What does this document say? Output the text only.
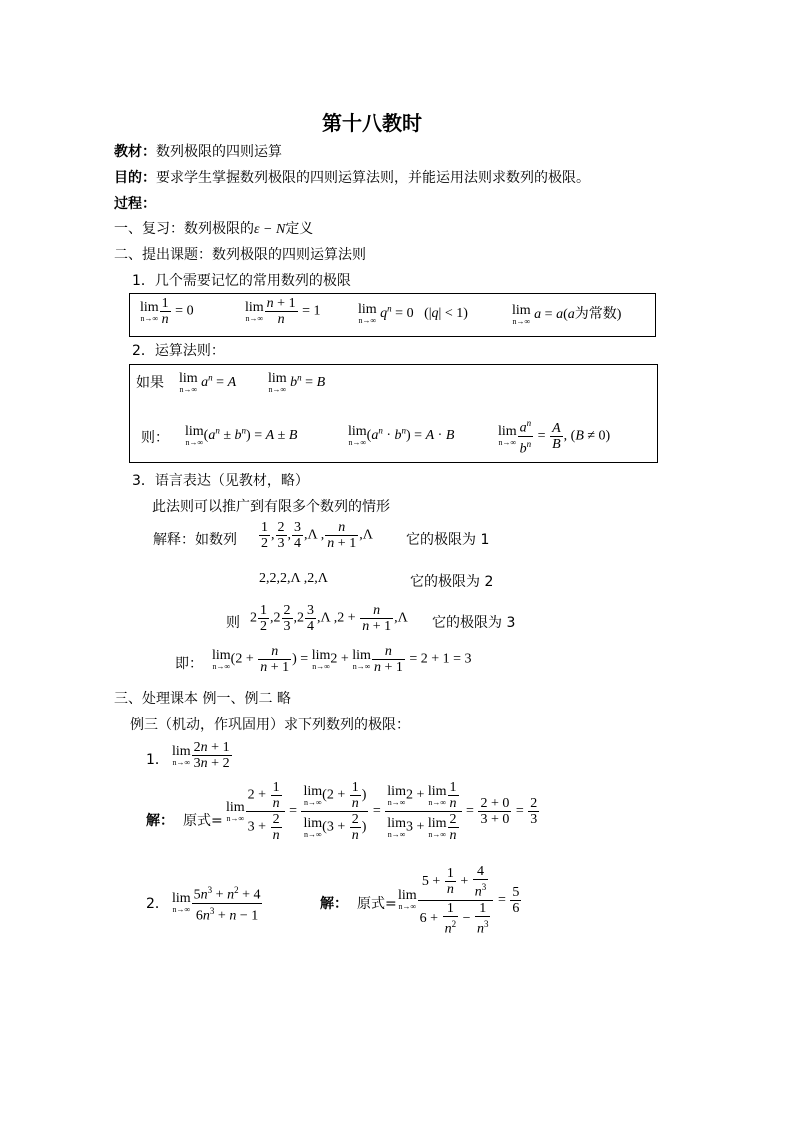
第十八教时
教材：数列极限的四则运算
目的：要求学生掌握数列极限的四则运算法则，并能运用法则求数列的极限。
过程：
一、复习：数列极限的ε − N定义
二、提出课题：数列极限的四则运算法则
1．几个需要记忆的常用数列的极限
lim
$n\to\infty \frac{1}{n} = 0$	lim
$n\to\infty \frac{n + 1}{n} = 1$	lim
n→∞ $q^n = 0$   (|q| < 1)	lim
n→∞ a = a(a为常数)
2．运算法则：
如果 lim
n→∞ $a^n = A$ lim
n→∞ $b^n = B$
则： lim
n→∞ $(a^n \pm b^n) = A \pm B$	lim
n→∞ $(a^n \cdot b^n) = A \cdot B$	lim
$n\to\infty \frac{a^n}{b^n} = \frac{A}{B}$ , (B ≠ 0)
3．语言表达（见教材，略）
此法则可以推广到有限多个数列的情形
解释：如数列 $\frac{1}{2}$ , $\frac{2}{3}$ , $\frac{3}{4} ,\Lambda$ , $\frac{n}{n + 1} ,\Lambda$ 它的极限为 1
2,2,2,Λ ,2,Λ	它的极限为 2
则 $2 \frac{1}{2} ,2 \frac{2}{3} ,2 \frac{3}{4} ,\Lambda$ $,2 + \frac{n}{n + 1} ,\Lambda$ 它的极限为 3
即：
lim
n→∞ ($2 + \frac{n}{n + 1}$ ) = lim
n→∞ 2 + lim
$n\to\infty \frac{n}{n + 1} = 2 + 1 = 3$
三、处理课本 例一、例二 略
例三（机动，作巩固用）求下列数列的极限：
1．
lim
$n\to\infty \frac{2n + 1}{3n + 2}$
解： 原式=
lim
$n\to\infty \frac{2 + \frac{1}{n}}{3 + \frac{2}{n}} = \lim$
n→∞ ($2 + \frac{1}{n}$ )
lim
n→∞ ($3 + \frac{2}{n}$ ) = lim
n→∞ 2 + lim
$n\to\infty \frac{1}{n}$
lim
n→∞ 3 + lim
$n\to\infty \frac{2}{n} = \frac{2 + 0}{3 + 0} = \frac{2}{3}$
2． lim
$n\to\infty \frac{5n^3 + n^2 + 4}{6n^3 + n - 1}$	解： 原式=
lim
$n\to\infty \frac{5 + \frac{1}{n} + \frac{4}{n^3}}{6 + \frac{1}{n^2} - \frac{1}{n^3}} = \frac{5}{6}$
